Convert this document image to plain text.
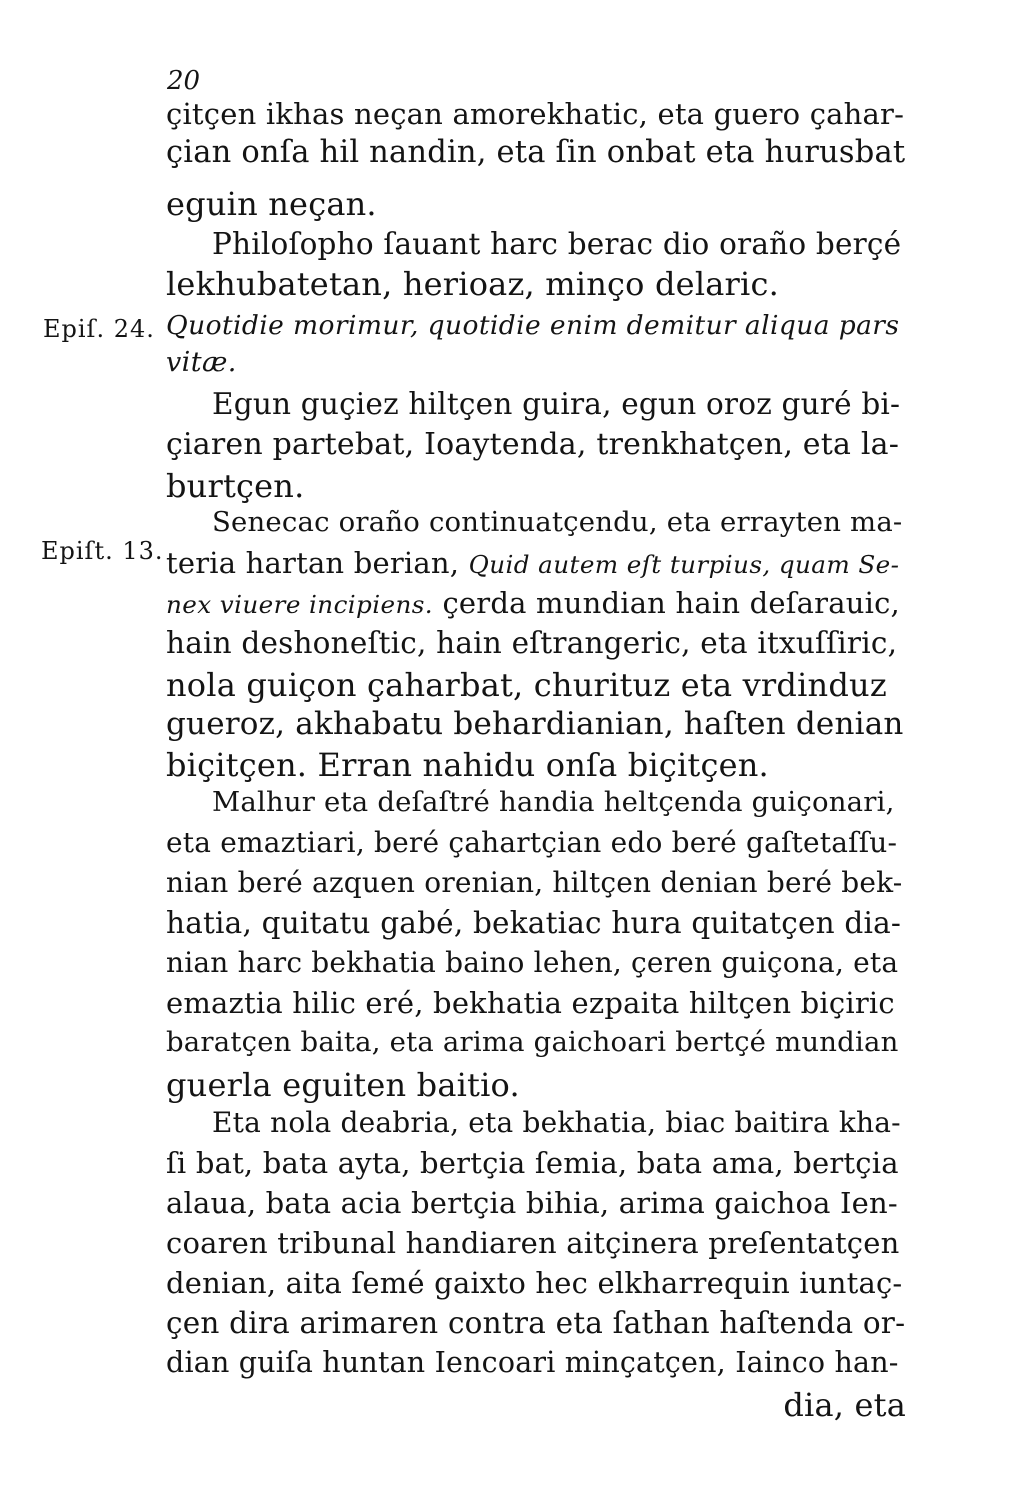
20
Epiſ. 24.
Epiſt. 13.
çitçen ikhas neçan amorekhatic, eta guero çahar-
çian onſa hil nandin, eta ſin onbat eta hurusbat
eguin neçan.
Philoſopho ſauant harc berac dio oraño berçé
lekhubatetan, herioaz, minço delaric.
Quotidie morimur, quotidie enim demitur aliqua pars
vitæ.
Egun guçiez hiltçen guira, egun oroz guré bi-
çiaren partebat, Ioaytenda, trenkhatçen, eta la-
burtçen.
Senecac oraño continuatçendu, eta errayten ma-
teria hartan berian, Quid autem eſt turpius, quam Se-
nex viuere incipiens. çerda mundian hain deſarauic,
hain deshoneſtic, hain eſtrangeric, eta itxuſſiric,
nola guiçon çaharbat, churituz eta vrdinduz
gueroz, akhabatu behardianian, haſten denian
biçitçen. Erran nahidu onſa biçitçen.
Malhur eta deſaſtré handia heltçenda guiçonari,
eta emaztiari, beré çahartçian edo beré gaſtetaſſu-
nian beré azquen orenian, hiltçen denian beré bek-
hatia, quitatu gabé, bekatiac hura quitatçen dia-
nian harc bekhatia baino lehen, çeren guiçona, eta
emaztia hilic eré, bekhatia ezpaita hiltçen biçiric
baratçen baita, eta arima gaichoari bertçé mundian
guerla eguiten baitio.
Eta nola deabria, eta bekhatia, biac baitira kha-
ſi bat, bata ayta, bertçia ſemia, bata ama, bertçia
alaua, bata acia bertçia bihia, arima gaichoa Ien-
coaren tribunal handiaren aitçinera preſentatçen
denian, aita ſemé gaixto hec elkharrequin iuntaç-
çen dira arimaren contra eta ſathan haſtenda or-
dian guiſa huntan Iencoari minçatçen, Iainco han-
dia, eta
